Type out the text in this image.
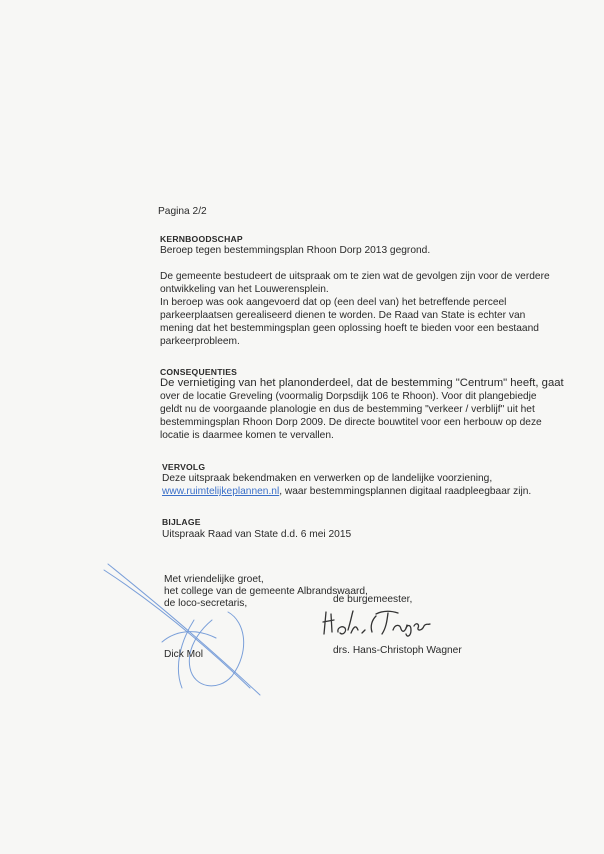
Pagina 2/2
KERNBOODSCHAP
Beroep tegen bestemmingsplan Rhoon Dorp 2013 gegrond.
De gemeente bestudeert de uitspraak om te zien wat de gevolgen zijn voor de verdere
ontwikkeling van het Louwerensplein.
In beroep was ook aangevoerd dat op (een deel van) het betreffende perceel
parkeerplaatsen gerealiseerd dienen te worden. De Raad van State is echter van
mening dat het bestemmingsplan geen oplossing hoeft te bieden voor een bestaand
parkeerprobleem.
CONSEQUENTIES
De vernietiging van het planonderdeel, dat de bestemming "Centrum" heeft, gaat
over de locatie Greveling (voormalig Dorpsdijk 106 te Rhoon). Voor dit plangebiedje
geldt nu de voorgaande planologie en dus de bestemming "verkeer / verblijf" uit het
bestemmingsplan Rhoon Dorp 2009. De directe bouwtitel voor een herbouw op deze
locatie is daarmee komen te vervallen.
VERVOLG
Deze uitspraak bekendmaken en verwerken op de landelijke voorziening,
www.ruimtelijkeplannen.nl, waar bestemmingsplannen digitaal raadpleegbaar zijn.
BIJLAGE
Uitspraak Raad van State d.d. 6 mei 2015
Met vriendelijke groet,
het college van de gemeente Albrandswaard,
de loco-secretaris,	de burgemeester,
Dick Mol	drs. Hans-Christoph Wagner
